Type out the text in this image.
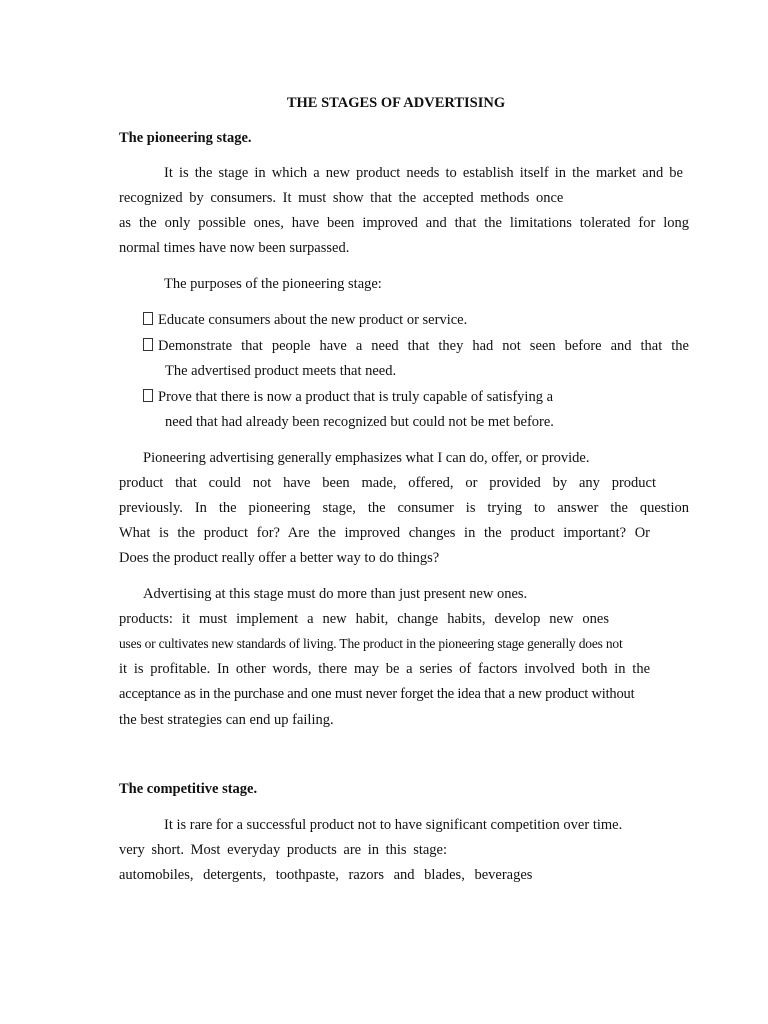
THE STAGES OF ADVERTISING
The pioneering stage.
It is the stage in which a new product needs to establish itself in the market and be
recognized by consumers. It must show that the accepted methods once
as the only possible ones, have been improved and that the limitations tolerated for long
normal times have now been surpassed.
The purposes of the pioneering stage:
Educate consumers about the new product or service.
Demonstrate that people have a need that they had not seen before and that the
The advertised product meets that need.
Prove that there is now a product that is truly capable of satisfying a
need that had already been recognized but could not be met before.
Pioneering advertising generally emphasizes what I can do, offer, or provide.
product that could not have been made, offered, or provided by any product
previously. In the pioneering stage, the consumer is trying to answer the question
What is the product for? Are the improved changes in the product important? Or
Does the product really offer a better way to do things?
Advertising at this stage must do more than just present new ones.
products: it must implement a new habit, change habits, develop new ones
uses or cultivates new standards of living. The product in the pioneering stage generally does not
it is profitable. In other words, there may be a series of factors involved both in the
acceptance as in the purchase and one must never forget the idea that a new product without
the best strategies can end up failing.
The competitive stage.
It is rare for a successful product not to have significant competition over time.
very short. Most everyday products are in this stage:
automobiles, detergents, toothpaste, razors and blades, beverages
